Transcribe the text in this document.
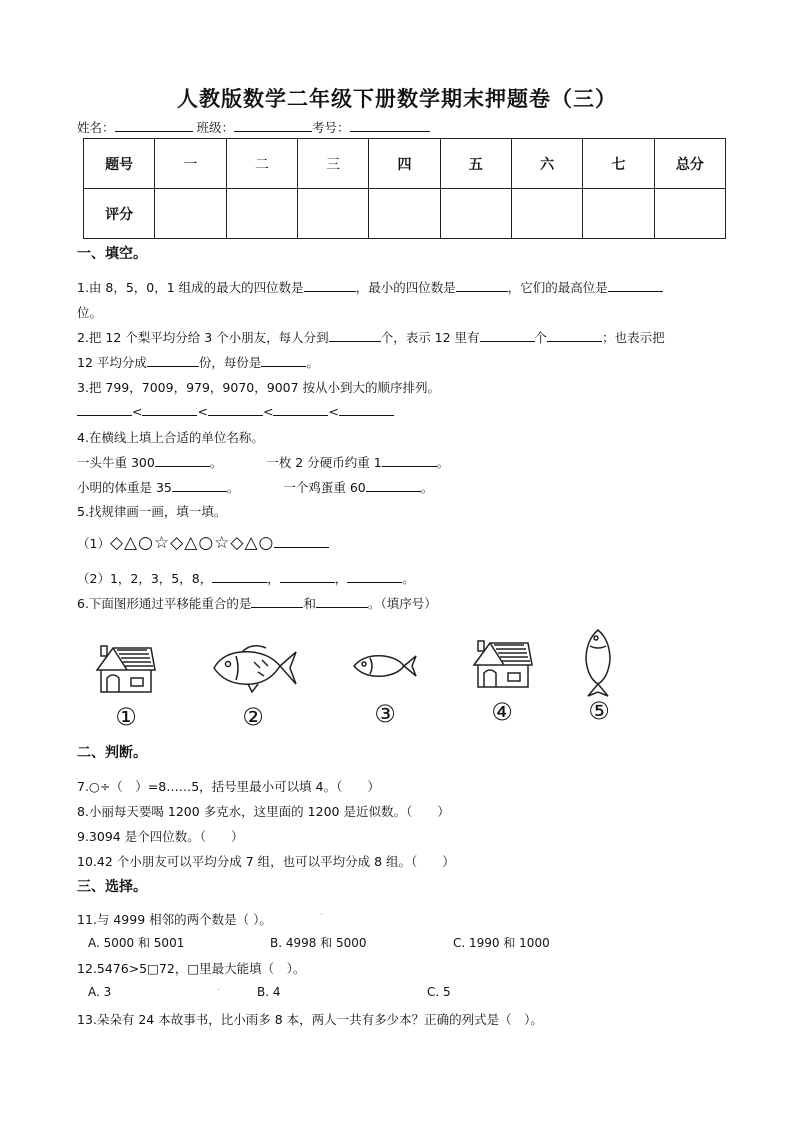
人教版数学二年级下册数学期末押题卷（三）
姓名：	班级：	考号：
题号	一	二	三	四	五	六	七	总分
评分								
一、填空。
1.由 8，5，0，1 组成的最大的四位数是	，最小的四位数是	，它们的最高位是
位。
2.把 12 个梨平均分给 3 个小朋友，每人分到	个，表示 12 里有	个	；也表示把
12 平均分成	份，每份是	。
3.把 799，7009，979，9070，9007 按从小到大的顺序排列。
<	<	<	<
4.在横线上填上合适的单位名称。
一头牛重 300	。	一枚 2 分硬币约重 1	。
小明的体重是 35	。	一个鸡蛋重 60	。
5.找规律画一画，填一填。
（1）◇△○☆◇△○☆◇△○
（2）1，2，3，5，8，	，	，	。
6.下面图形通过平移能重合的是	和	。（填序号）
①	②	③	④	⑤
二、判断。
7.○÷（　）=8……5，括号里最小可以填 4。（　　）
8.小丽每天要喝 1200 多克水，这里面的 1200 是近似数。（　　）
9.3094 是个四位数。（　　）
10.42 个小朋友可以平均分成 7 组，也可以平均分成 8 组。（　　）
三、选择。
11.与 4999 相邻的两个数是（ ）。	·
A. 5000 和 5001	B. 4998 和 5000	C. 1990 和 1000
12.5476>5□72，□里最大能填（　）。
A. 3	·	B. 4	C. 5
13.朵朵有 24 本故事书，比小雨多 8 本，两人一共有多少本？正确的列式是（　）。
